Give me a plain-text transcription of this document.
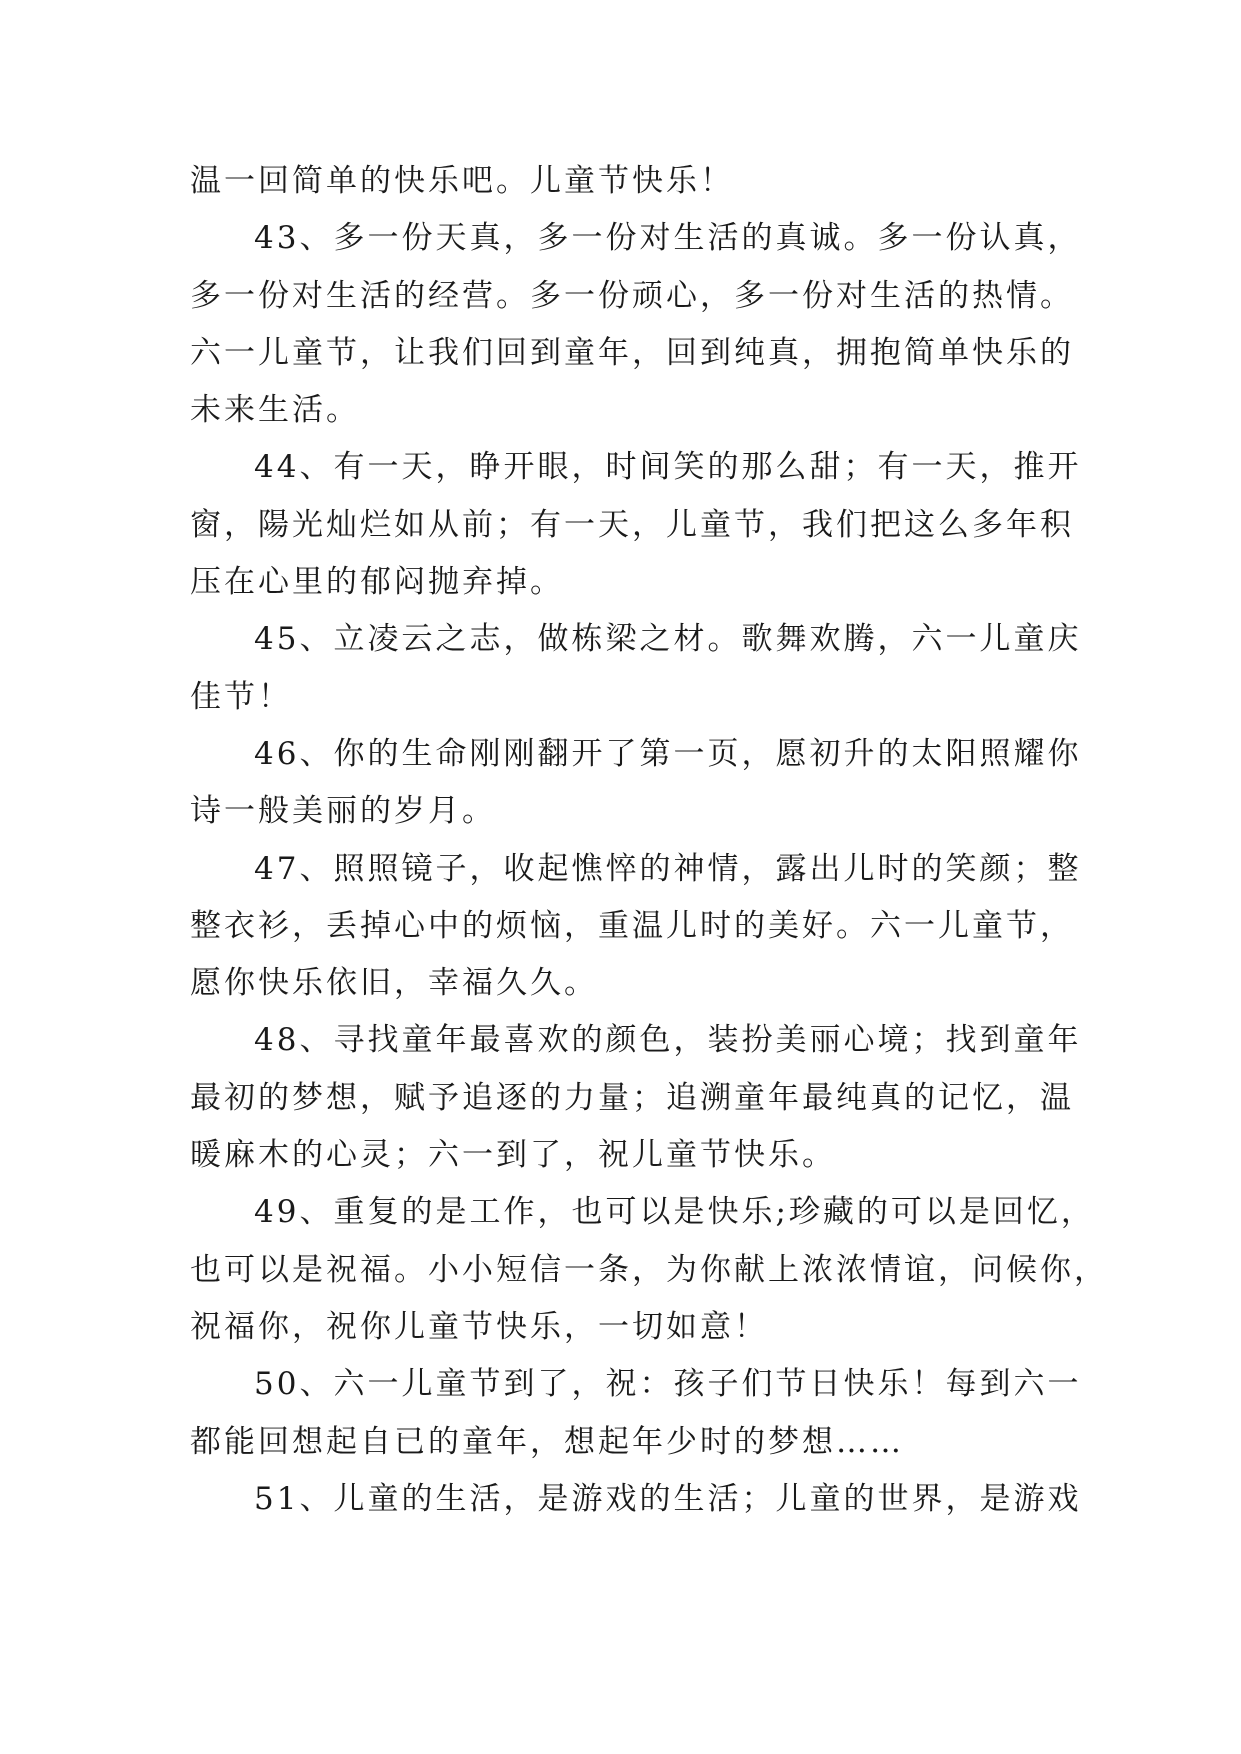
温一回简单的快乐吧。儿童节快乐！
43、多一份天真，多一份对生活的真诚。多一份认真，
多一份对生活的经营。多一份顽心，多一份对生活的热情。
六一儿童节，让我们回到童年，回到纯真，拥抱简单快乐的
未来生活。
44、有一天，睁开眼，时间笑的那么甜；有一天，推开
窗，陽光灿烂如从前；有一天，儿童节，我们把这么多年积
压在心里的郁闷抛弃掉。
45、立凌云之志，做栋梁之材。歌舞欢腾，六一儿童庆
佳节！
46、你的生命刚刚翻开了第一页，愿初升的太阳照耀你
诗一般美丽的岁月。
47、照照镜子，收起憔悴的神情，露出儿时的笑颜；整
整衣衫，丢掉心中的烦恼，重温儿时的美好。六一儿童节，
愿你快乐依旧，幸福久久。
48、寻找童年最喜欢的颜色，装扮美丽心境；找到童年
最初的梦想，赋予追逐的力量；追溯童年最纯真的记忆，温
暖麻木的心灵；六一到了，祝儿童节快乐。
49、重复的是工作，也可以是快乐;珍藏的可以是回忆，
也可以是祝福。小小短信一条，为你献上浓浓情谊，问候你，
祝福你，祝你儿童节快乐，一切如意！
50、六一儿童节到了，祝：孩子们节日快乐！每到六一
都能回想起自已的童年，想起年少时的梦想……
51、儿童的生活，是游戏的生活；儿童的世界，是游戏
